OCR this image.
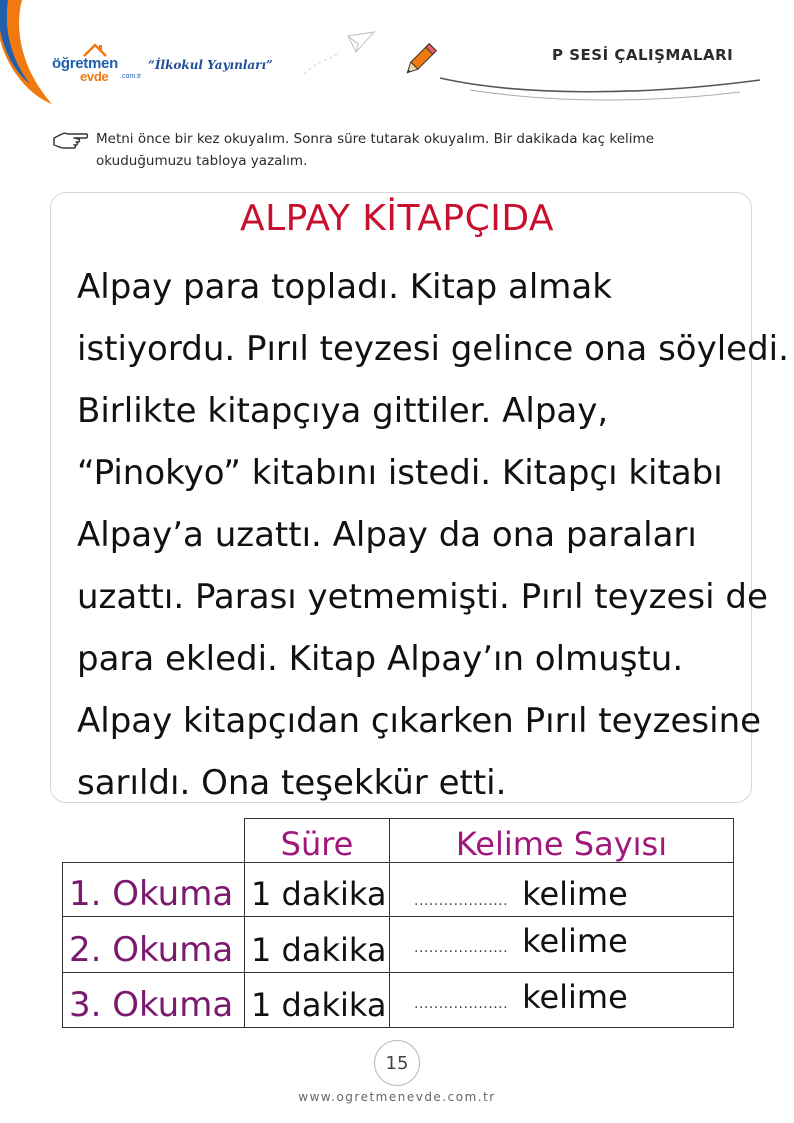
öğretmen
evde .com.tr
“İlkokul Yayınları”
P SESİ ÇALIŞMALARI
Metni önce bir kez okuyalım. Sonra süre tutarak okuyalım. Bir dakikada kaç kelime okuduğumuzu tabloya yazalım.
ALPAY KİTAPÇIDA
Alpay para topladı. Kitap almak
istiyordu. Pırıl teyzesi gelince ona söyledi.
Birlikte kitapçıya gittiler. Alpay,
“Pinokyo” kitabını istedi. Kitapçı kitabı
Alpay’a uzattı. Alpay da ona paraları
uzattı. Parası yetmemişti. Pırıl teyzesi de
para ekledi. Kitap Alpay’ın olmuştu.
Alpay kitapçıdan çıkarken Pırıl teyzesine
sarıldı. Ona teşekkür etti.
Süre	Kelime Sayısı
1. Okuma 1 dakika ................... kelime
2. Okuma 1 dakika ................... kelime
3. Okuma 1 dakika ................... kelime
15
www.ogretmenevde.com.tr
